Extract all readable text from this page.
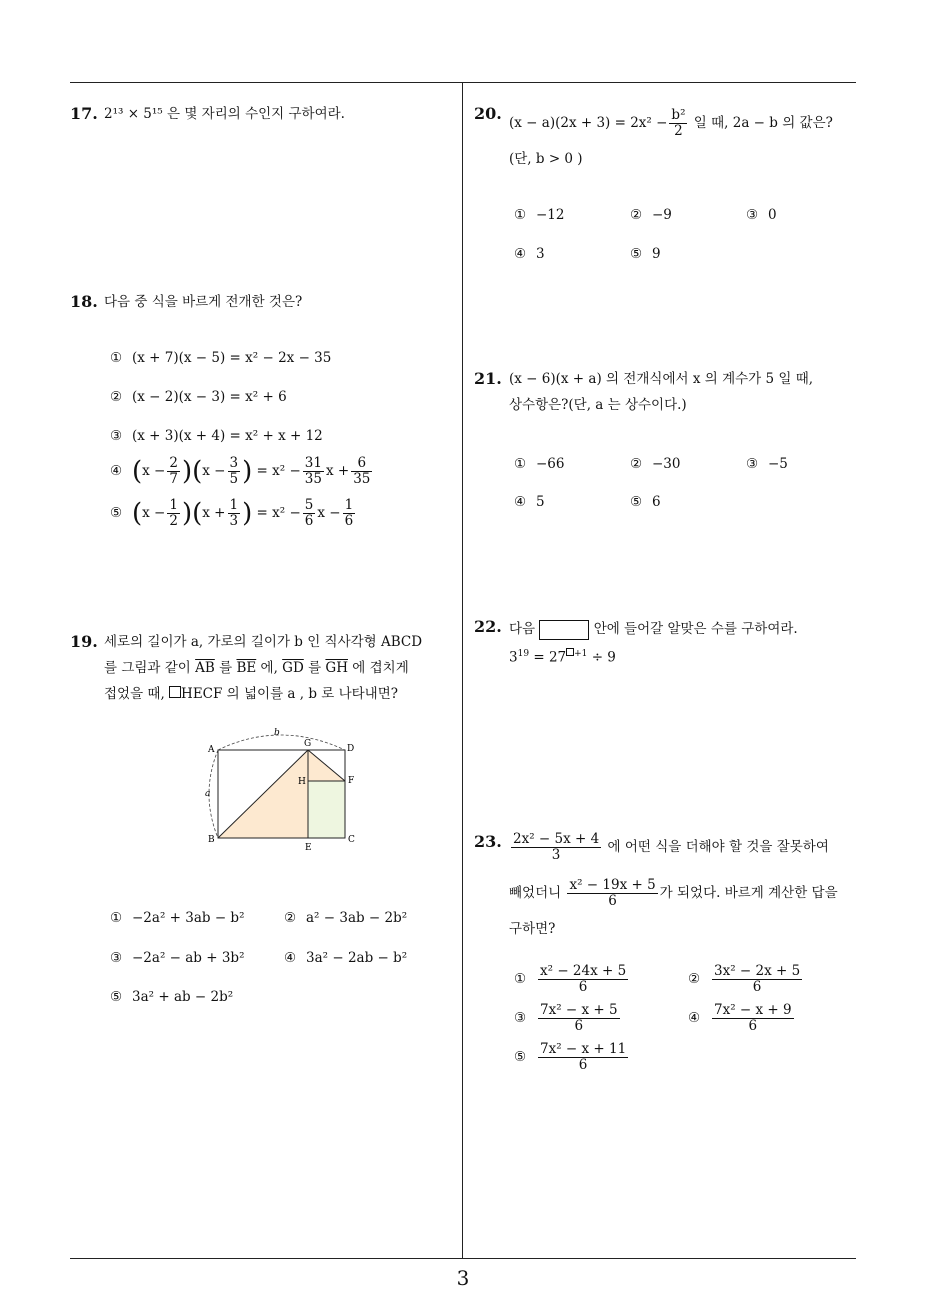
17. 2¹³ × 5¹⁵ 은 몇 자리의 수인지 구하여라.
18. 다음 중 식을 바르게 전개한 것은?
① (x + 7)(x − 5) = x² − 2x − 35
② (x − 2)(x − 3) = x² + 6
③ (x + 3)(x + 4) = x² + x + 12
④ $(x - \frac{2}{7} )(x - \frac{3}{5}$ ) = $x^2 - \frac{31}{35}$ $x + \frac{6}{35}$
⑤ $(x - \frac{1}{2} )(x + \frac{1}{3}$ ) = $x^2 - \frac{5}{6}$ $x - \frac{1}{6}$
19. 세로의 길이가 a, 가로의 길이가 b 인 직사각형 ABCD
를 그림과 같이 $\overline{AB}$ 를 $\overline{BE}$ 에, $\overline{GD}$ 를 $\overline{GH}$ 에 겹치게
접었을 때, HECF 의 넓이를 a , b 로 나타내면?
A
B	C
D
E
F
G
H
a
b
① −2a² + 3ab − b²	② a² − 3ab − 2b²
③ −2a² − ab + 3b²	④ 3a² − 2ab − b²
⑤ 3a² + ab − 2b²
20. $(x - a)(2x + 3) = 2x^2 - \frac{\text{b²}}{2}$ 일 때, 2a − b 의 값은?
(단, b > 0 )
① −12	② −9	③ 0
④ 3	⑤ 9
21. (x − 6)(x + a) 의 전개식에서 x 의 계수가 5 일 때,
상수항은?(단, a 는 상수이다.)
① −66	② −30	③ −5
④ 5	⑤ 6
22. 다음	안에 들어갈 알맞은 수를 구하여라.
$3^{19} = 27$ $^{+1}$ ÷ 9
23. $\frac{\text{2x² − 5x + 4}}{3}$ 에 어떤 식을 더해야 할 것을 잘못하여
빼었더니 $\frac{\text{x² − 19x + 5}}{6}$ 가 되었다. 바르게 계산한 답을
구하면?
① $\frac{\text{x² − 24x + 5}}{6}$	② $\frac{\text{3x² − 2x + 5}}{6}$
③ $\frac{\text{7x² − x + 5}}{6}$	④ $\frac{\text{7x² − x + 9}}{6}$
⑤ $\frac{\text{7x² − x + 11}}{6}$
3
